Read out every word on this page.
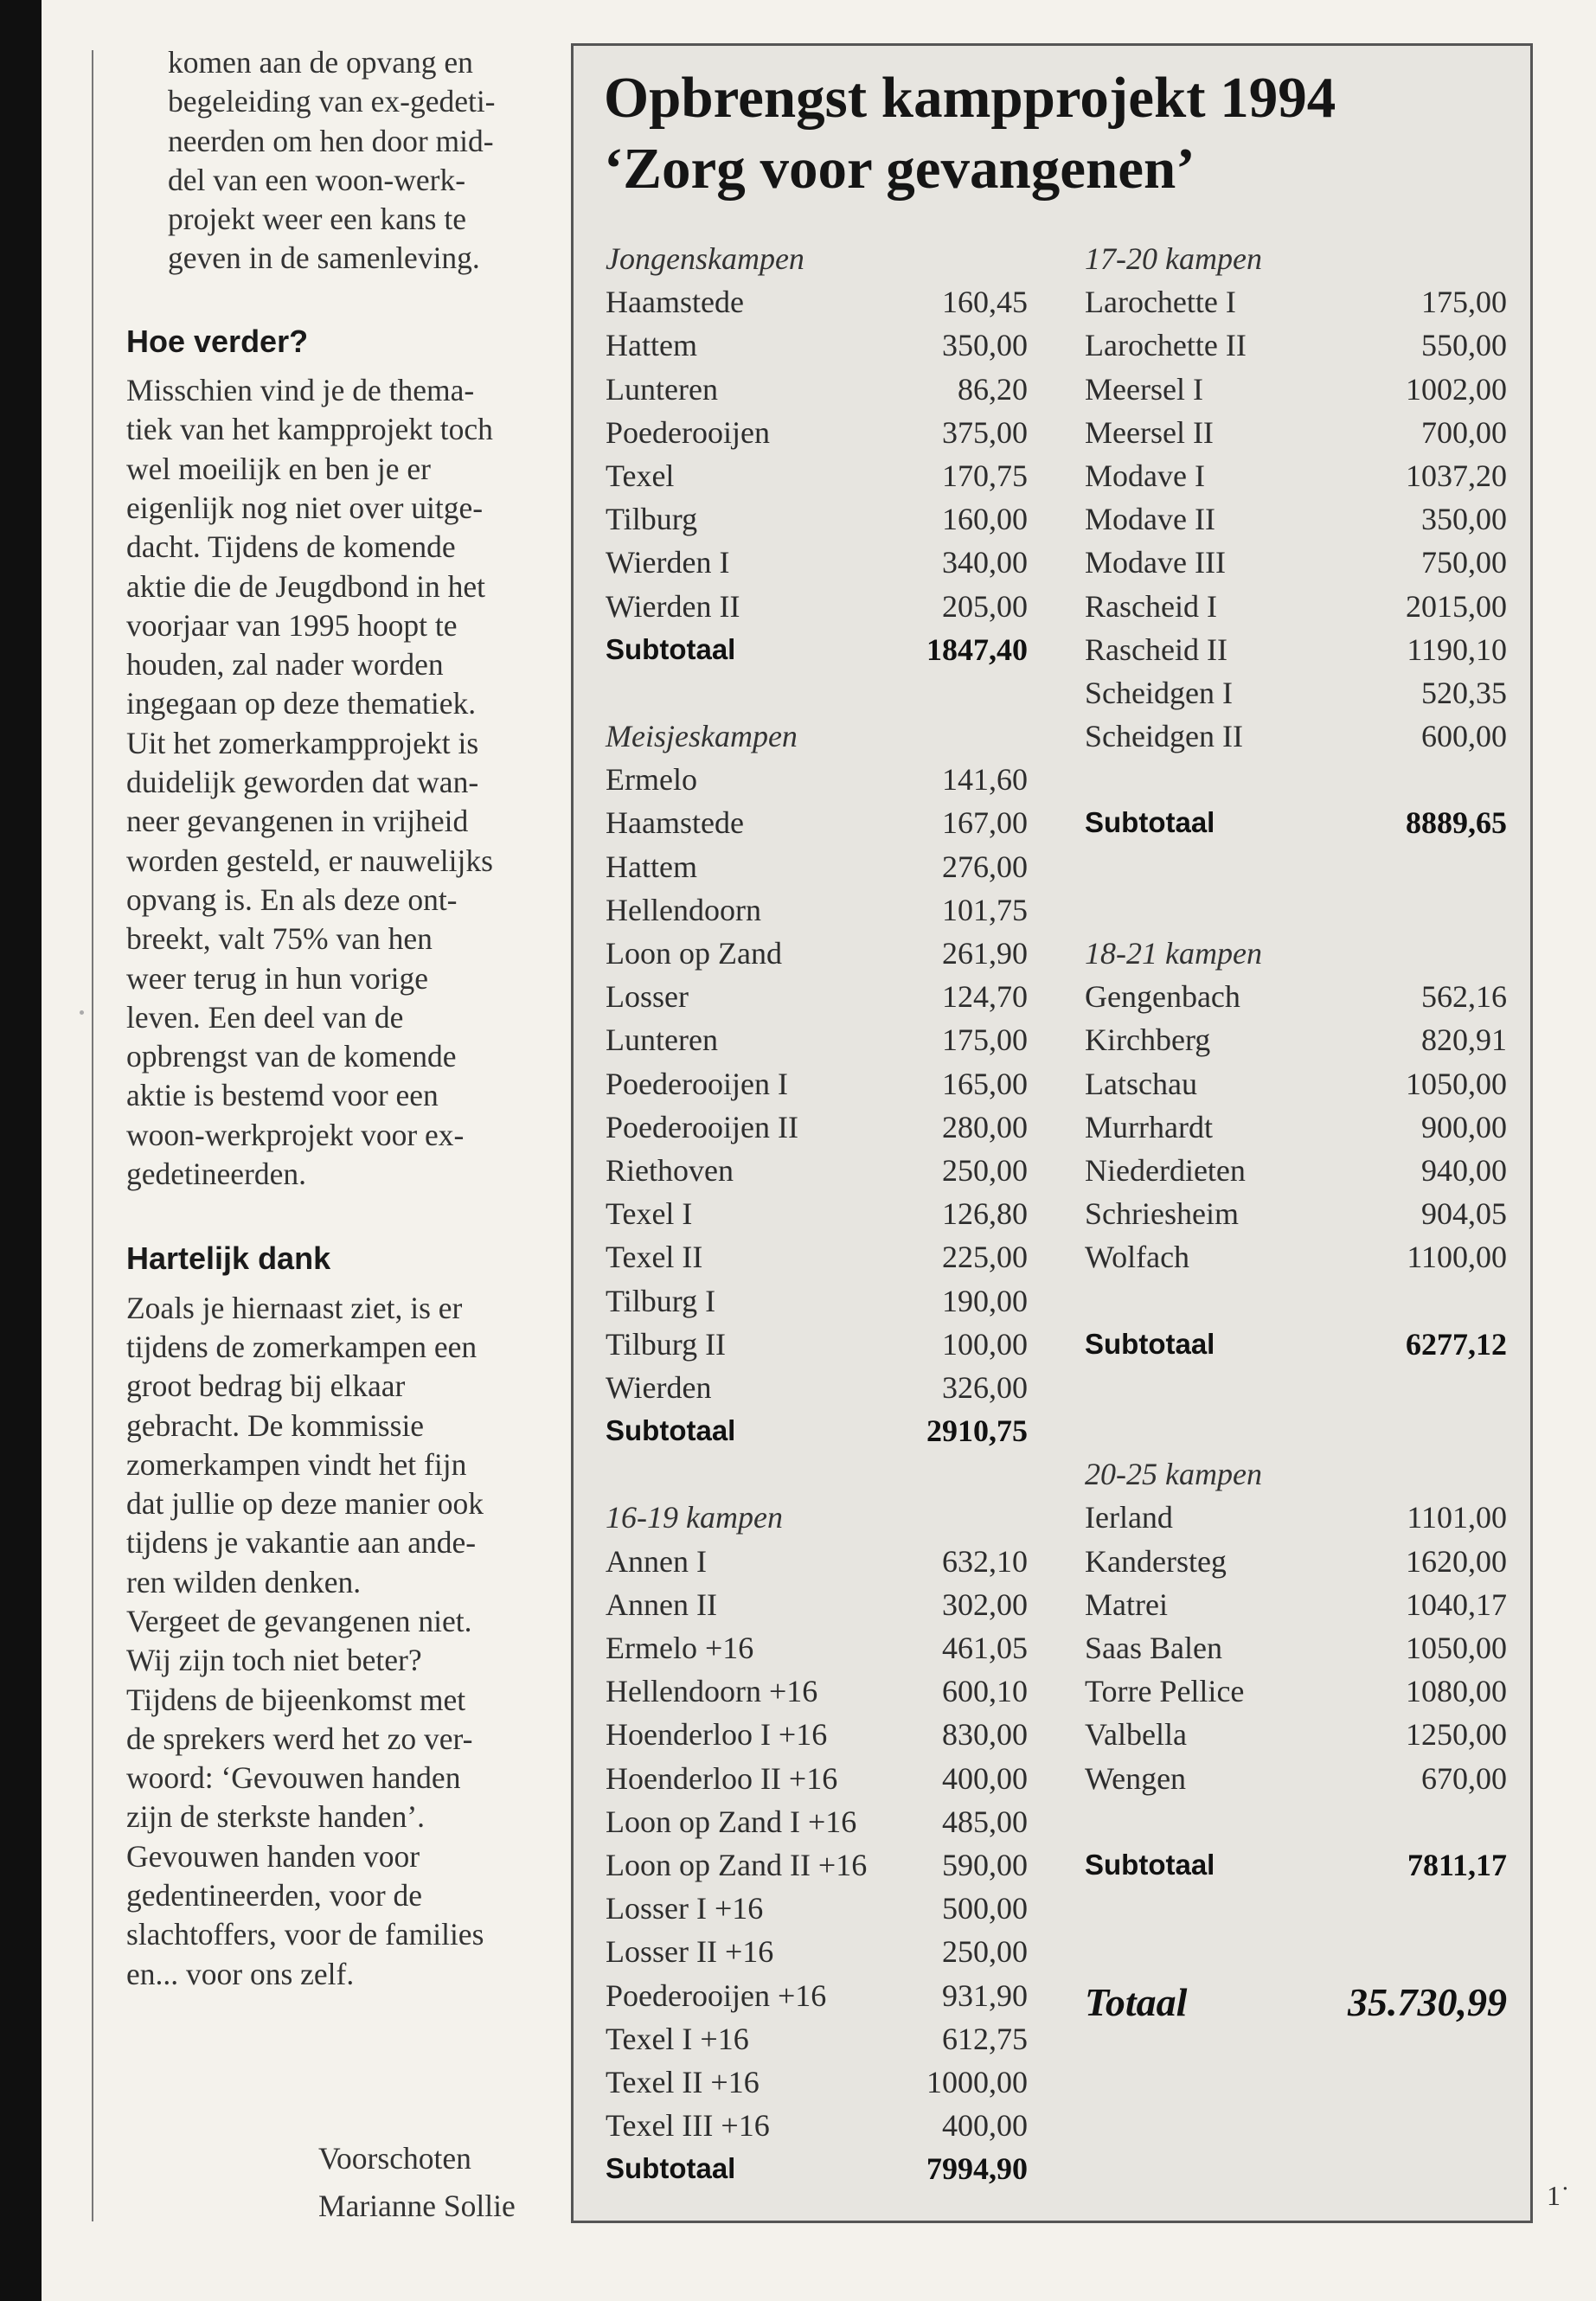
komen aan de opvang en
begeleiding van ex-gedeti-
neerden om hen door mid-
del van een woon-werk-
projekt weer een kans te
geven in de samenleving.
Hoe verder?
Misschien vind je de thema-
tiek van het kampprojekt toch
wel moeilijk en ben je er
eigenlijk nog niet over uitge-
dacht. Tijdens de komende
aktie die de Jeugdbond in het
voorjaar van 1995 hoopt te
houden, zal nader worden
ingegaan op deze thematiek.
Uit het zomerkampprojekt is
duidelijk geworden dat wan-
neer gevangenen in vrijheid
worden gesteld, er nauwelijks
opvang is. En als deze ont-
breekt, valt 75% van hen
weer terug in hun vorige
leven. Een deel van de
opbrengst van de komende
aktie is bestemd voor een
woon-werkprojekt voor ex-
gedetineerden.
Hartelijk dank
Zoals je hiernaast ziet, is er
tijdens de zomerkampen een
groot bedrag bij elkaar
gebracht. De kommissie
zomerkampen vindt het fijn
dat jullie op deze manier ook
tijdens je vakantie aan ande-
ren wilden denken.
Vergeet de gevangenen niet.
Wij zijn toch niet beter?
Tijdens de bijeenkomst met
de sprekers werd het zo ver-
woord: ‘Gevouwen handen
zijn de sterkste handen’.
Gevouwen handen voor
gedentineerden, voor de
slachtoffers, voor de families
en... voor ons zelf.
Voorschoten
Marianne Sollie
Opbrengst kampprojekt 1994
‘Zorg voor gevangenen’
Jongenskampen
Haamstede	160,45
Hattem	350,00
Lunteren	86,20
Poederooijen	375,00
Texel	170,75
Tilburg	160,00
Wierden I	340,00
Wierden II	205,00
Subtotaal	1847,40
Meisjeskampen
Ermelo	141,60
Haamstede	167,00
Hattem	276,00
Hellendoorn	101,75
Loon op Zand	261,90
Losser	124,70
Lunteren	175,00
Poederooijen I	165,00
Poederooijen II	280,00
Riethoven	250,00
Texel I	126,80
Texel II	225,00
Tilburg I	190,00
Tilburg II	100,00
Wierden	326,00
Subtotaal	2910,75
16-19 kampen
Annen I	632,10
Annen II	302,00
Ermelo +16	461,05
Hellendoorn +16	600,10
Hoenderloo I +16	830,00
Hoenderloo II +16	400,00
Loon op Zand I +16	485,00
Loon op Zand II +16 590,00
Losser I +16	500,00
Losser II +16	250,00
Poederooijen +16	931,90
Texel I +16	612,75
Texel II +16	1000,00
Texel III +16	400,00
Subtotaal	7994,90
17-20 kampen
Larochette I	175,00
Larochette II	550,00
Meersel I	1002,00
Meersel II	700,00
Modave I	1037,20
Modave II	350,00
Modave III	750,00
Rascheid I	2015,00
Rascheid II	1190,10
Scheidgen I	520,35
Scheidgen II	600,00
Subtotaal	8889,65
18-21 kampen
Gengenbach	562,16
Kirchberg	820,91
Latschau	1050,00
Murrhardt	900,00
Niederdieten	940,00
Schriesheim	904,05
Wolfach	1100,00
Subtotaal	6277,12
20-25 kampen
Ierland	1101,00
Kandersteg	1620,00
Matrei	1040,17
Saas Balen	1050,00
Torre Pellice	1080,00
Valbella	1250,00
Wengen	670,00
Subtotaal	7811,17
Totaal	35.730,99
1˙
